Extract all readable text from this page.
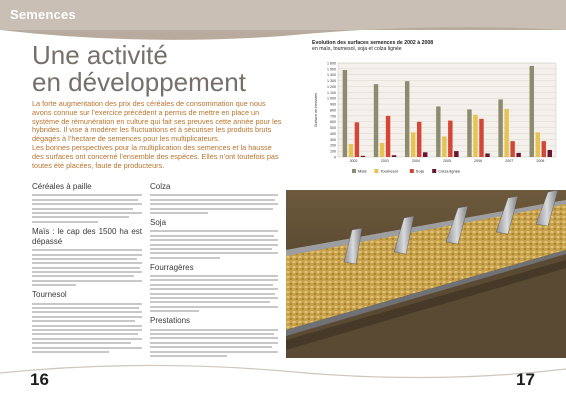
Semences
Une activité
en développement

La forte augmentation des prix des céréales de consommation que nous avons connue sur l’exercice précédent a permis de mettre en place un système de rémunération en culture qui fait ses preuves cette année pour les hybrides. Il vise à modérer les fluctuations et à sécuriser les produits bruts dégagés à l’hectare de semences pour les multiplicateurs.

Les bonnes perspectives pour la multiplication des semences et la hausse des surfaces ont concerné l’ensemble des espèces. Elles n’ont toutefois pas toutes été placées, faute de producteurs.

Céréales à paille
Maïs : le cap des 1500 ha est dépassé
Tournesol
Colza
Soja
Fourragères
Prestations
Evolution des surfaces semences de 2002 à 2008
en maïs, tournesol, soja et colza lignée
0
100
200
300
400
500
600
700
800
900
1 000
1 100
1 200
1 300
1 400
1 500
1 600
Surface en hectares
2002	2003	2004	2005	2006	2007	2008
Maïs	Tournesol	Soja	Colza lignée
16	17
